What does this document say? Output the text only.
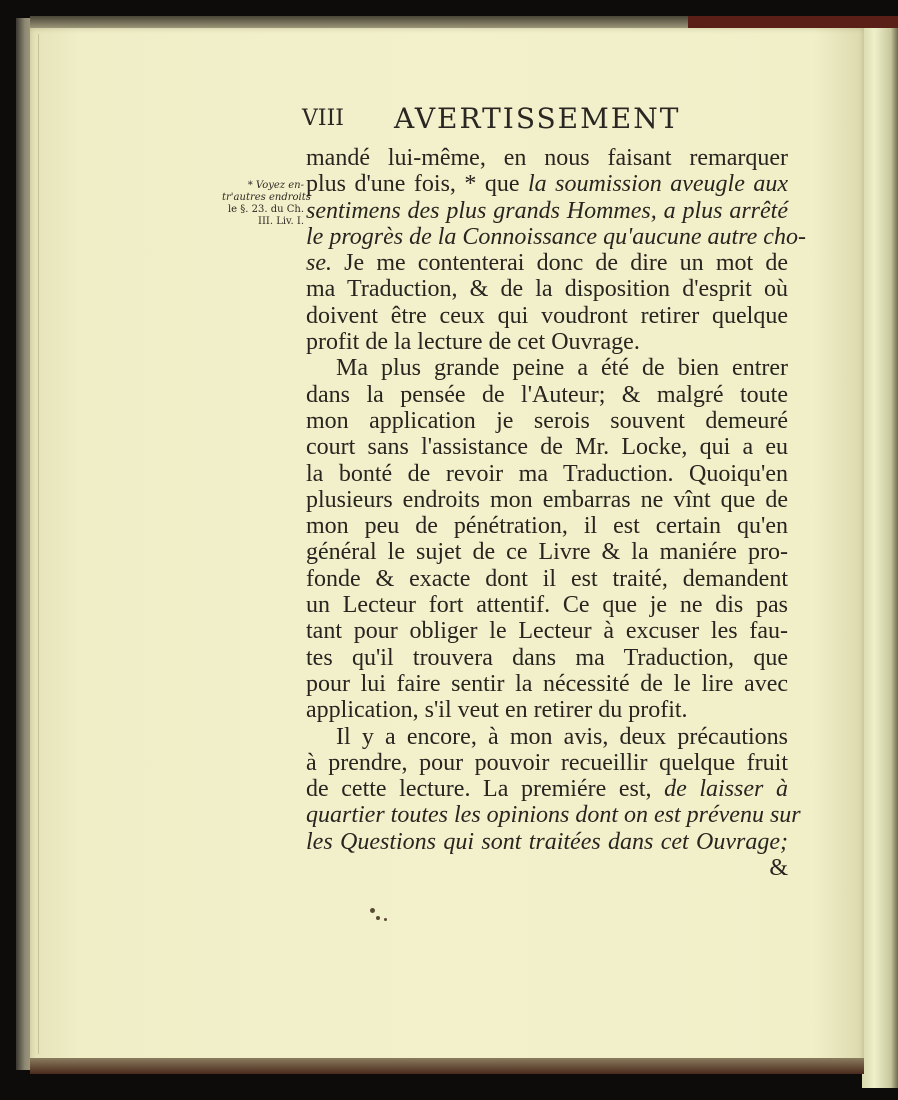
VIII AVERTISSEMENT
* Voyez en-
tr'autres endroits
le §. 23. du Ch.
III. Liv. I.
mandé lui-même, en nous faisant remarquer
plus d'une fois, * que la soumission aveugle aux
sentimens des plus grands Hommes, a plus arrêté
le progrès de la Connoissance qu'aucune autre cho-
se. Je me contenterai donc de dire un mot de
ma Traduction, & de la disposition d'esprit où
doivent être ceux qui voudront retirer quelque
profit de la lecture de cet Ouvrage.
Ma plus grande peine a été de bien entrer
dans la pensée de l'Auteur; & malgré toute
mon application je serois souvent demeuré
court sans l'assistance de Mr. Locke, qui a eu
la bonté de revoir ma Traduction. Quoiqu'en
plusieurs endroits mon embarras ne vînt que de
mon peu de pénétration, il est certain qu'en
général le sujet de ce Livre & la maniére pro-
fonde & exacte dont il est traité, demandent
un Lecteur fort attentif. Ce que je ne dis pas
tant pour obliger le Lecteur à excuser les fau-
tes qu'il trouvera dans ma Traduction, que
pour lui faire sentir la nécessité de le lire avec
application, s'il veut en retirer du profit.
Il y a encore, à mon avis, deux précautions
à prendre, pour pouvoir recueillir quelque fruit
de cette lecture. La premiére est, de laisser à
quartier toutes les opinions dont on est prévenu sur
les Questions qui sont traitées dans cet Ouvrage;
&
